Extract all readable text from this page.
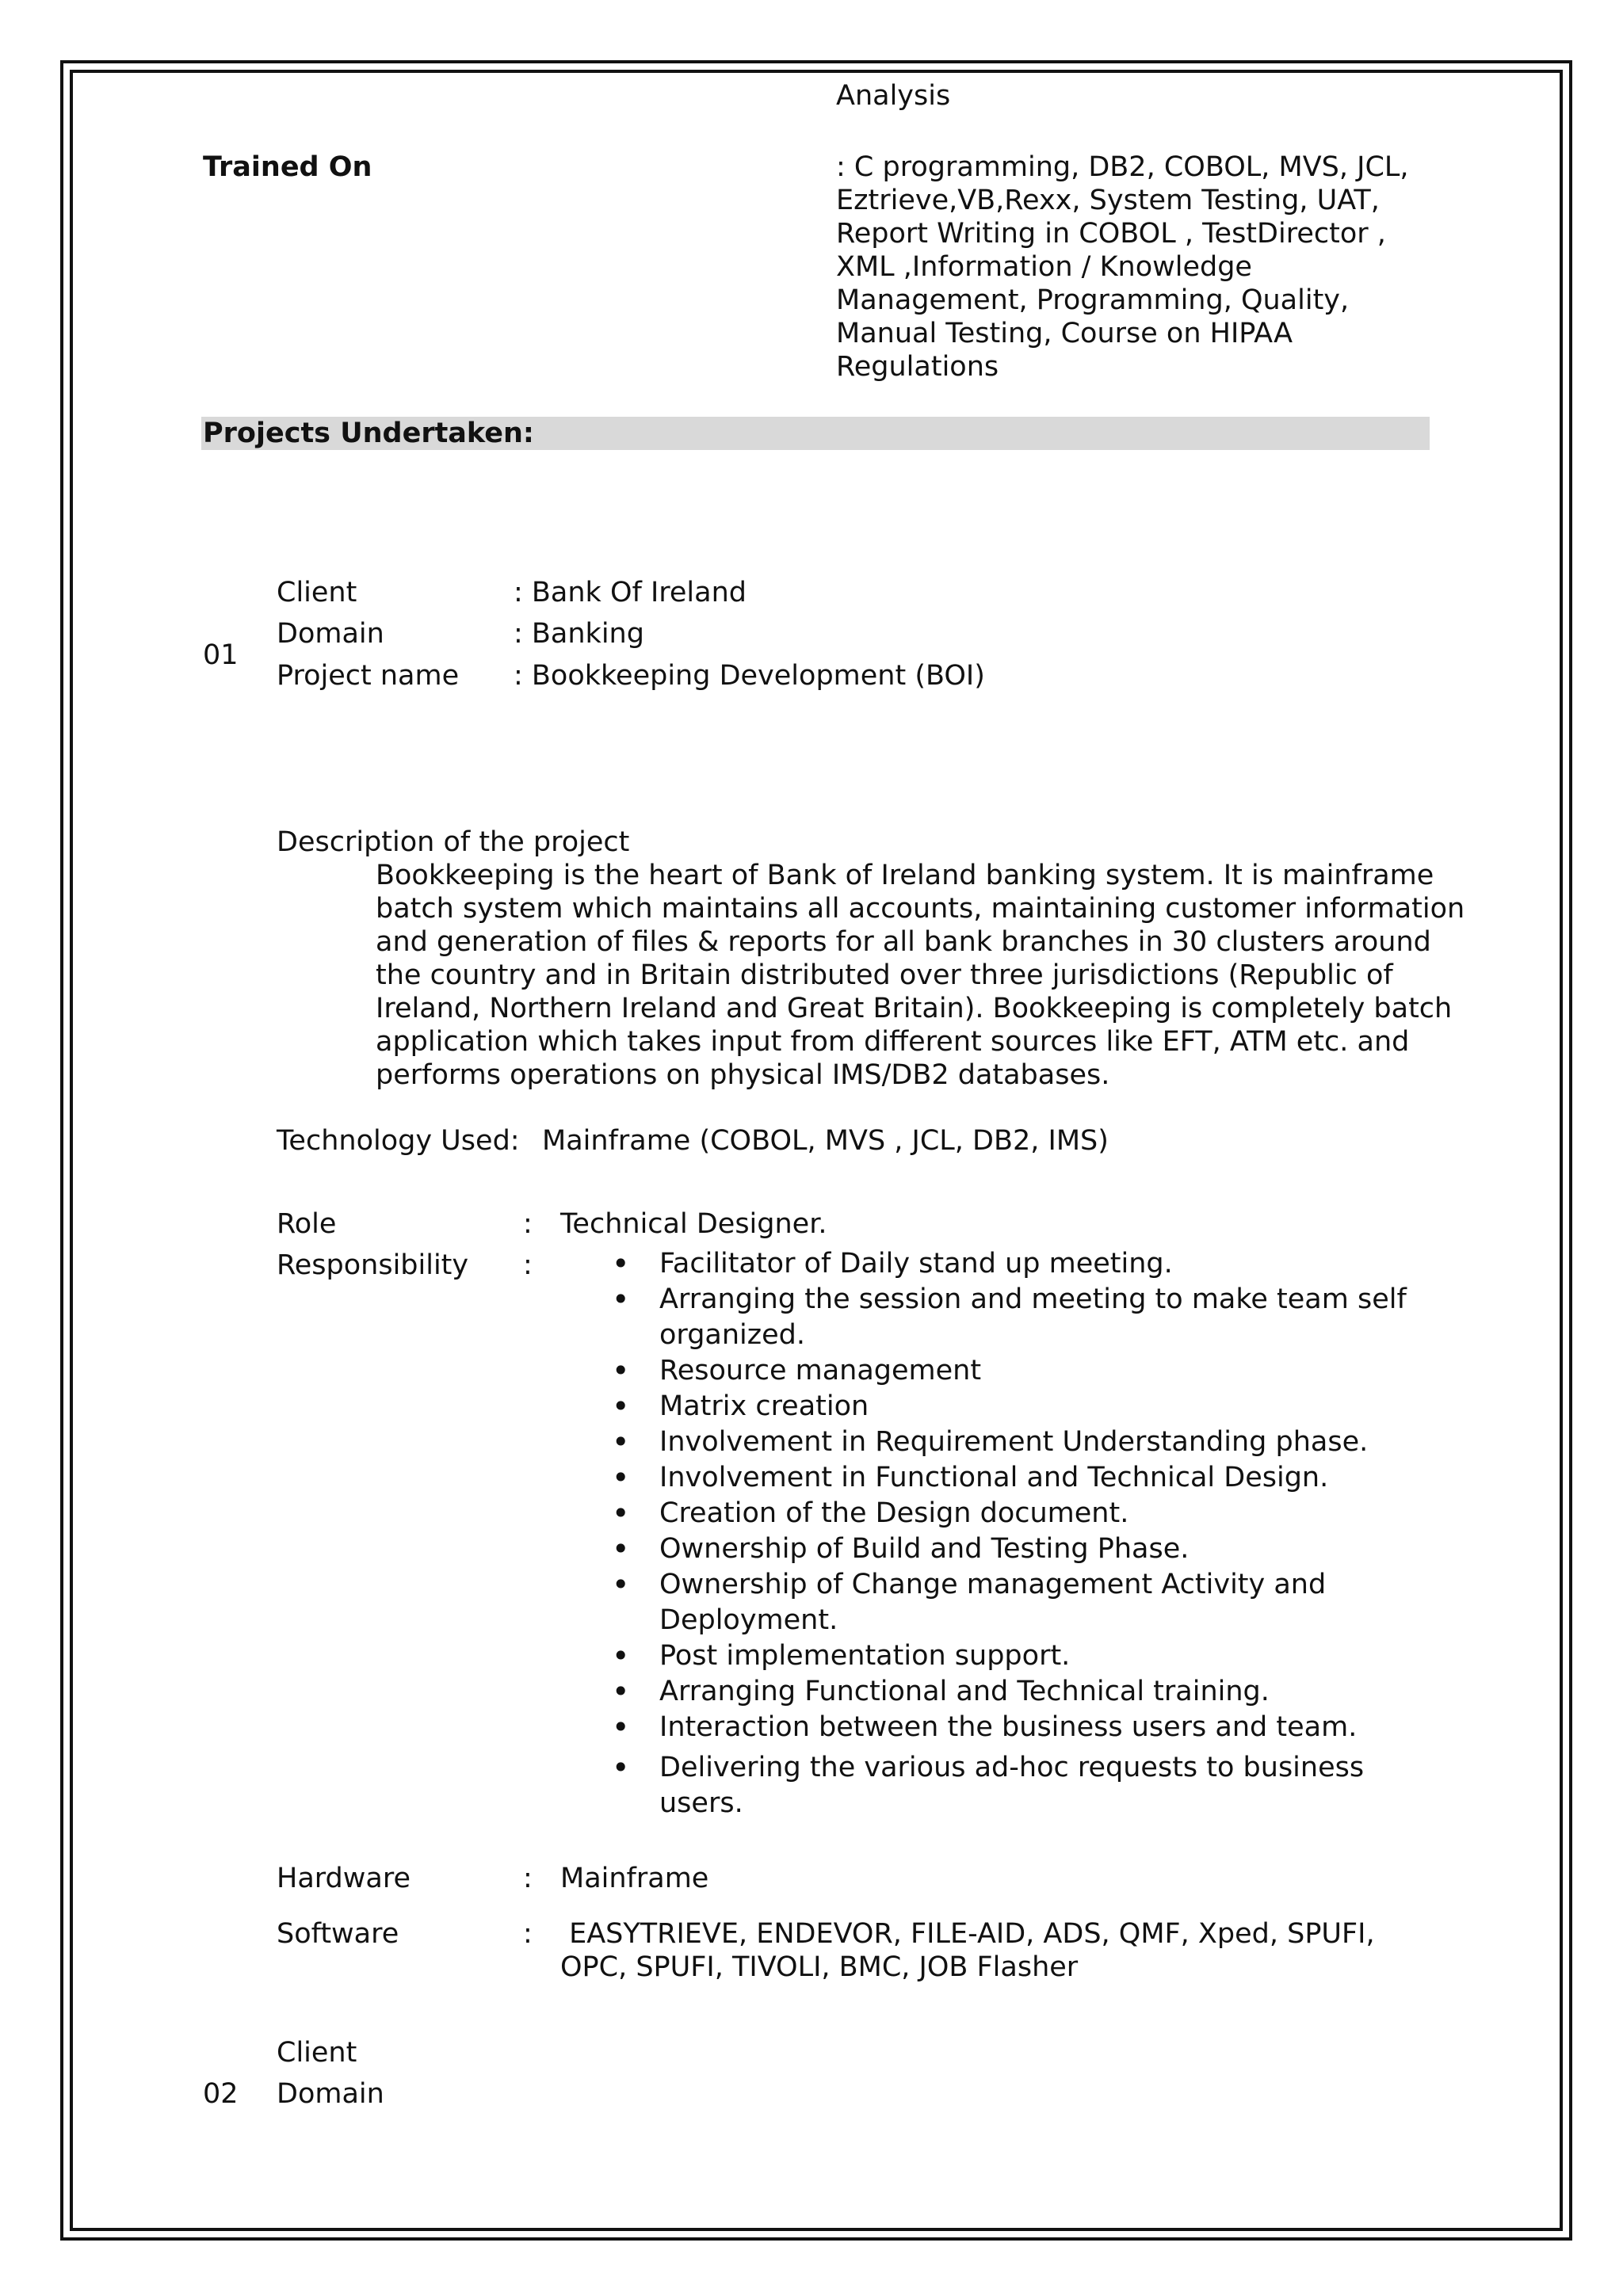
Analysis
Trained On	: C programming, DB2, COBOL, MVS, JCL,
Eztrieve,VB,Rexx, System Testing, UAT,
Report Writing in COBOL , TestDirector ,
XML ,Information / Knowledge
Management, Programming, Quality,
Manual Testing, Course on HIPAA
Regulations
Projects Undertaken:
01
Client	: Bank Of Ireland
Domain	: Banking
Project name : Bookkeeping Development (BOI)
Description of the project
Bookkeeping is the heart of Bank of Ireland banking system. It is mainframe
batch system which maintains all accounts, maintaining customer information
and generation of files & reports for all bank branches in 30 clusters around
the country and in Britain distributed over three jurisdictions (Republic of
Ireland, Northern Ireland and Great Britain). Bookkeeping is completely batch
application which takes input from different sources like EFT, ATM etc. and
performs operations on physical IMS/DB2 databases.
Technology Used: Mainframe (COBOL, MVS , JCL, DB2, IMS)
Role	: Technical Designer.
Responsibility :	• Facilitator of Daily stand up meeting.
• Arranging the session and meeting to make team self
organized.
• Resource management
• Matrix creation
• Involvement in Requirement Understanding phase.
• Involvement in Functional and Technical Design.
• Creation of the Design document.
• Ownership of Build and Testing Phase.
• Ownership of Change management Activity and
Deployment.
• Post implementation support.
• Arranging Functional and Technical training.
• Interaction between the business users and team.
• Delivering the various ad-hoc requests to business
users.
Hardware	: Mainframe
Software	: EASYTRIEVE, ENDEVOR, FILE-AID, ADS, QMF, Xped, SPUFI,
OPC, SPUFI, TIVOLI, BMC, JOB Flasher
Client
02 Domain
